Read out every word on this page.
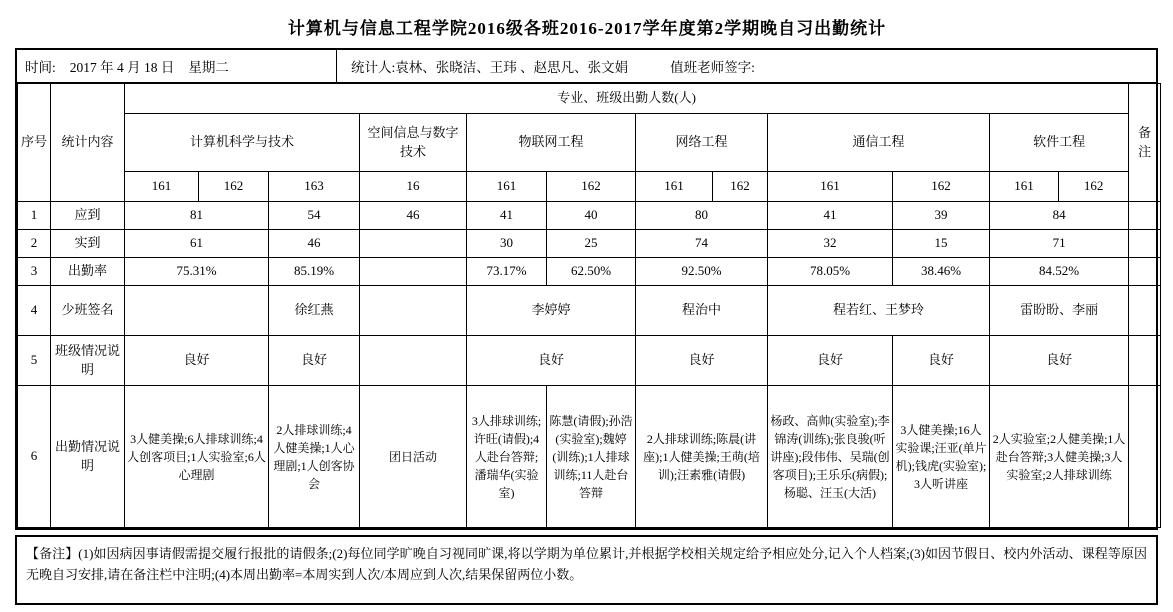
计算机与信息工程学院2016级各班2016-2017学年度第2学期晚自习出勤统计
时间: 2017 年 4 月 18 日 星期二	统计人:袁林、张晓洁、王玮 、赵思凡、张文娟	值班老师签字:
序号	统计内容	专业、班级出勤人数(人)												备注
		计算机科学与技术			空间信息与数字技术	物联网工程		网络工程		通信工程		软件工程		
		161	162	163	16	161	162	161	162	161	162	161	162	
1	应到	81		54	46	41	40	80		41	39	84		
2	实到	61		46		30	25	74		32	15	71		
3	出勤率	75.31%		85.19%		73.17%	62.50%	92.50%		78.05%	38.46%	84.52%		
4	少班签名			徐红燕		李婷婷		程治中		程若红、王梦玲		雷盼盼、李丽		
5	班级情况说明	良好		良好		良好		良好		良好	良好	良好		
6	出勤情况说明	3人健美操;6人排球训练;4人创客项目;1人实验室;6人心理剧		2人排球训练;4人健美操;1人心理剧;1人创客协会	团日活动	3人排球训练;许旺(请假);4人赴台答辩;潘瑞华(实验室)	陈慧(请假);孙浩(实验室);魏婷(训练);1人排球训练;11人赴台答辩	2人排球训练;陈晨(讲座);1人健美操;王萌(培训);汪素雅(请假)		杨政、高帅(实验室);李锦涛(训练);张良骏(听讲座);段伟伟、吴瑞(创客项目);王乐乐(病假);杨聪、汪玉(大活)	3人健美操;16人实验课;汪亚(单片机);钱虎(实验室);3人听讲座	2人实验室;2人健美操;1人赴台答辩;3人健美操;3人实验室;2人排球训练		
【备注】(1)如因病因事请假需提交履行报批的请假条;(2)每位同学旷晚自习视同旷课,将以学期为单位累计,并根据学校相关规定给予相应处分,记入个人档案;(3)如因节假日、校内外活动、课程等原因无晚自习安排,请在备注栏中注明;(4)本周出勤率=本周实到人次/本周应到人次,结果保留两位小数。
